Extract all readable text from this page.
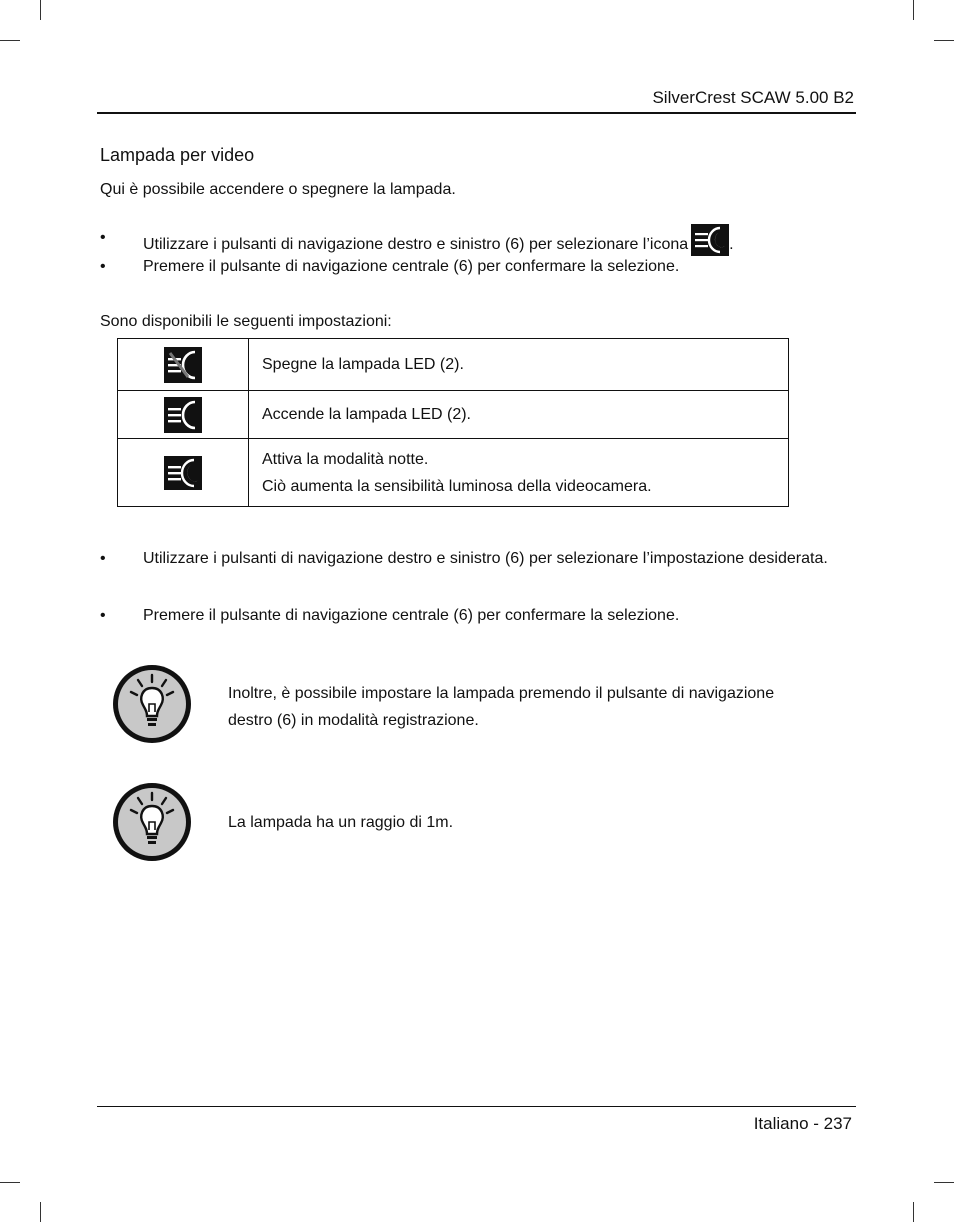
SilverCrest SCAW 5.00 B2
Lampada per video
Qui è possibile accendere o spegnere la lampada.
• Utilizzare i pulsanti di navigazione destro e sinistro (6) per selezionare l’icona	.
• Premere il pulsante di navigazione centrale (6) per confermare la selezione.
Sono disponibili le seguenti impostazioni:

Spegne la lampada LED (2).

Accende la lampada LED (2).

Attiva la modalità notte.
Ciò aumenta la sensibilità luminosa della videocamera.
• Utilizzare i pulsanti di navigazione destro e sinistro (6) per selezionare l’impostazione desiderata.
• Premere il pulsante di navigazione centrale (6) per confermare la selezione.
Inoltre, è possibile impostare la lampada premendo il pulsante di navigazione destro (6) in modalità registrazione.
La lampada ha un raggio di 1m.
Italiano - 237
